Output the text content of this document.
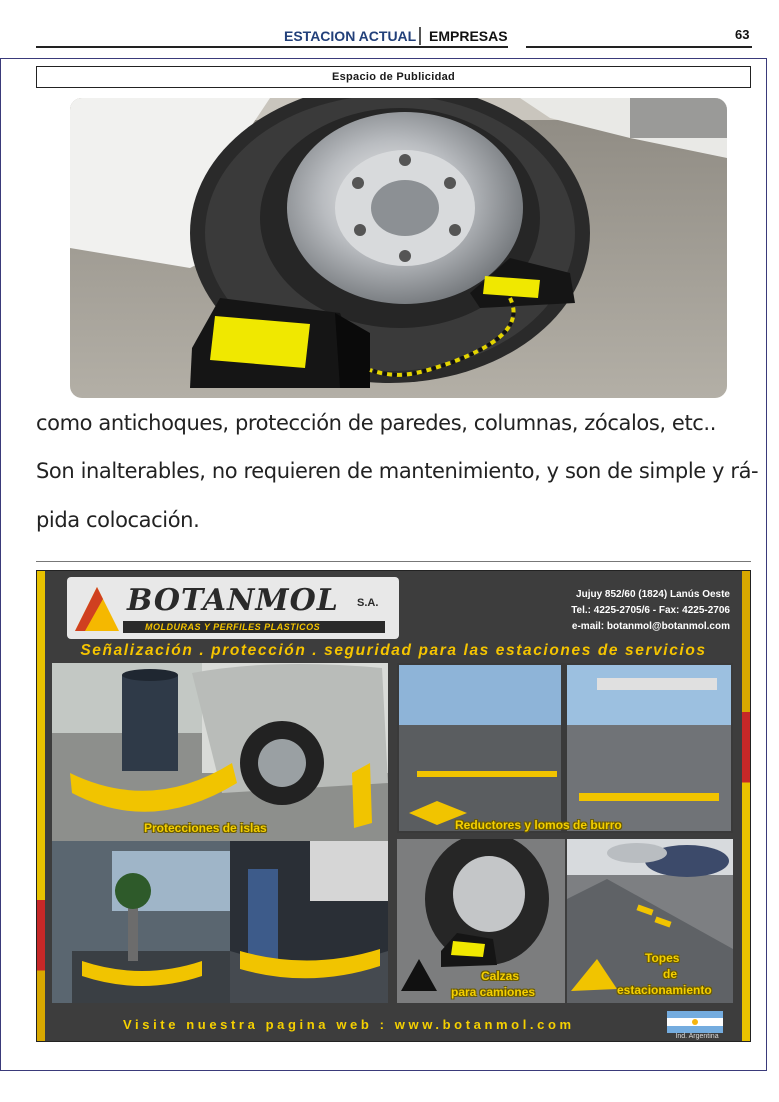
ESTACION ACTUAL EMPRESAS	63
Espacio de Publicidad
como antichoques, protección de paredes, columnas, zócalos, etc..
Son inalterables, no requieren de mantenimiento, y son de simple y rá-
pida colocación.
BOTANMOL S.A.
MOLDURAS Y PERFILES PLASTICOS
Jujuy 852/60 (1824) Lanús Oeste
Tel.: 4225-2705/6 - Fax: 4225-2706
e-mail: botanmol@botanmol.com
Señalización . protección . seguridad para las estaciones de servicios
Protecciones de islas	Reductores y lomos de burro
Calzas
para camiones
Topes
de
estacionamiento
Visite nuestra pagina web : www.botanmol.com
Ind. Argentina
